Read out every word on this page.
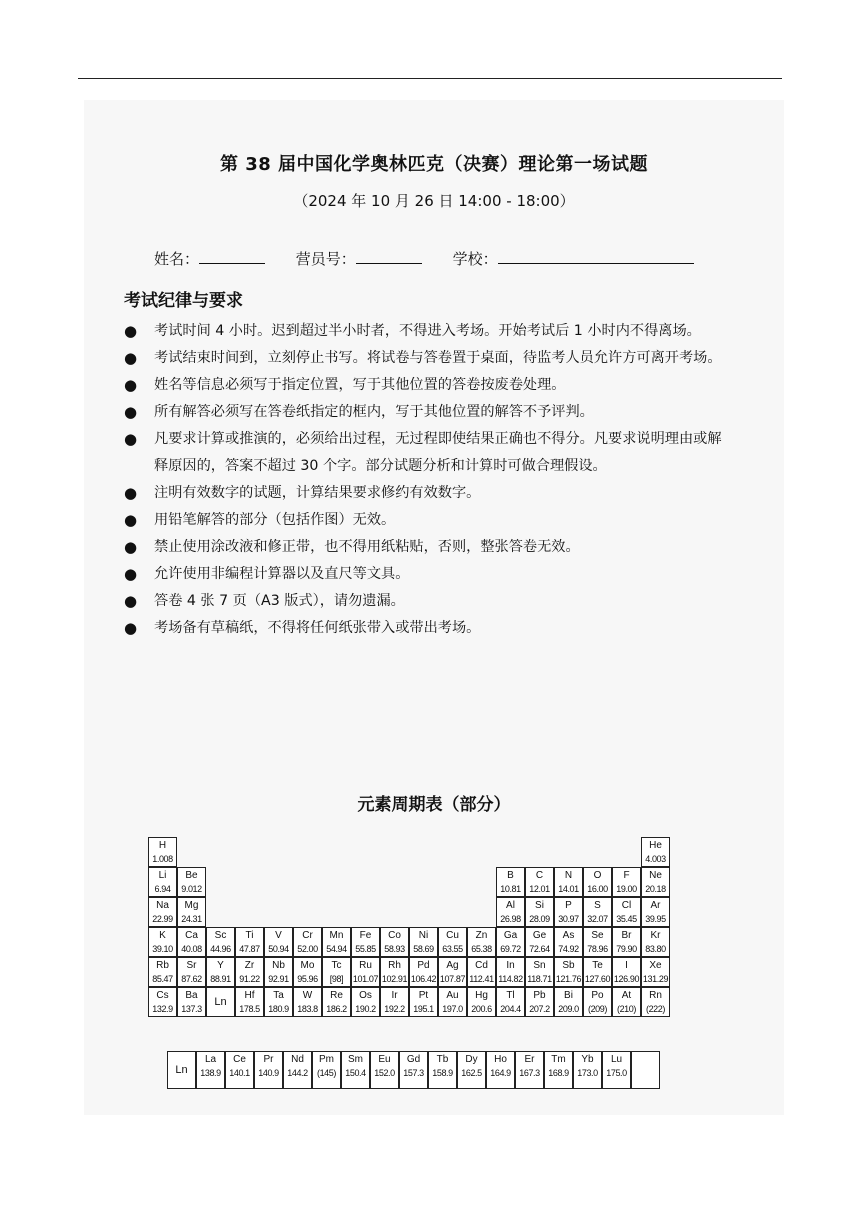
第 38 届中国化学奥林匹克（决赛）理论第一场试题
（2024 年 10 月 26 日 14:00 - 18:00）
姓名：	营员号：	学校：
考试纪律与要求
● 考试时间 4 小时。迟到超过半小时者，不得进入考场。开始考试后 1 小时内不得离场。
● 考试结束时间到，立刻停止书写。将试卷与答卷置于桌面，待监考人员允许方可离开考场。
● 姓名等信息必须写于指定位置，写于其他位置的答卷按废卷处理。
● 所有解答必须写在答卷纸指定的框内，写于其他位置的解答不予评判。
● 凡要求计算或推演的，必须给出过程，无过程即使结果正确也不得分。凡要求说明理由或解释原因的，答案不超过 30 个字。部分试题分析和计算时可做合理假设。
● 注明有效数字的试题，计算结果要求修约有效数字。
● 用铅笔解答的部分（包括作图）无效。
● 禁止使用涂改液和修正带，也不得用纸粘贴，否则，整张答卷无效。
● 允许使用非编程计算器以及直尺等文具。
● 答卷 4 张 7 页（A3 版式），请勿遗漏。
● 考场备有草稿纸，不得将任何纸张带入或带出考场。
元素周期表（部分）
H
1.008
He
4.003
Li
6.94
Be
9.012
B
10.81
C
12.01
N
14.01
O
16.00
F
19.00
Ne
20.18
Na
22.99
Mg
24.31
Al
26.98
Si
28.09
P
30.97
S
32.07
Cl
35.45
Ar
39.95
K
39.10
Ca
40.08
Sc
44.96
Ti
47.87
V
50.94
Cr
52.00
Mn
54.94
Fe
55.85
Co
58.93
Ni
58.69
Cu
63.55
Zn
65.38
Ga
69.72
Ge
72.64
As
74.92
Se
78.96
Br
79.90
Kr
83.80
Rb
85.47
Sr
87.62
Y
88.91
Zr
91.22
Nb
92.91
Mo
95.96
Tc
[98]
Ru
101.07
Rh
102.91
Pd
106.42
Ag
107.87
Cd
112.41
In
114.82
Sn
118.71
Sb
121.76
Te
127.60
I
126.90
Xe
131.29
Cs
132.9
Ba
137.3
Ln
Hf
178.5
Ta
180.9
W
183.8
Re
186.2
Os
190.2
Ir
192.2
Pt
195.1
Au
197.0
Hg
200.6
Tl
204.4
Pb
207.2
Bi
209.0
Po
(209)
At
(210)
Rn
(222)
Ln
La
138.9
Ce
140.1
Pr
140.9
Nd
144.2
Pm
(145)
Sm
150.4
Eu
152.0
Gd
157.3
Tb
158.9
Dy
162.5
Ho
164.9
Er
167.3
Tm
168.9
Yb
173.0
Lu
175.0
